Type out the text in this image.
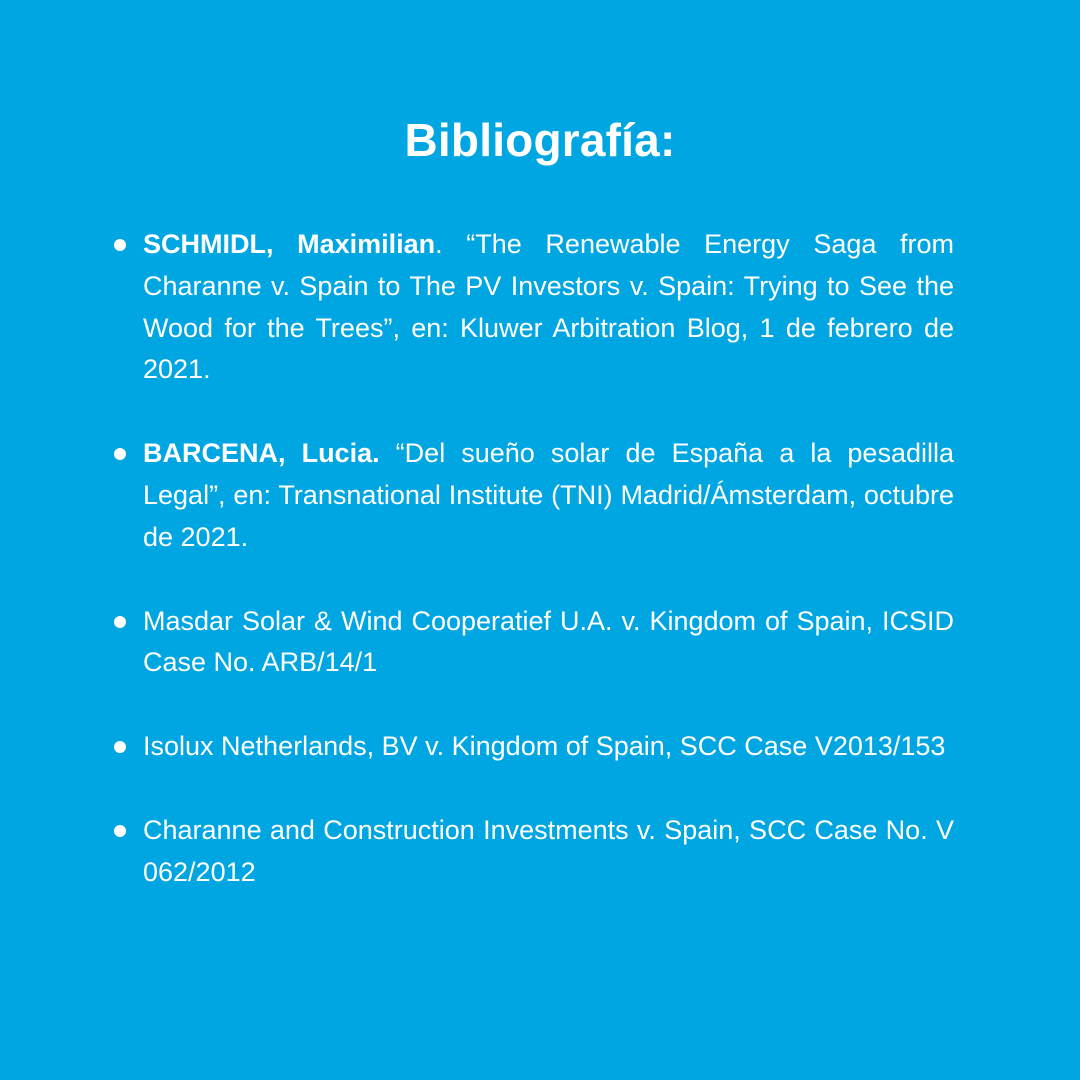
Bibliografía:
SCHMIDL, Maximilian. “The Renewable Energy Saga from Charanne v. Spain to The PV Investors v. Spain: Trying to See the Wood for the Trees”, en: Kluwer Arbitration Blog, 1 de febrero de 2021.
BARCENA, Lucia. “Del sueño solar de España a la pesadilla Legal”, en: Transnational Institute (TNI) Madrid/Ámsterdam, octubre de 2021.
Masdar Solar & Wind Cooperatief U.A. v. Kingdom of Spain, ICSID Case No. ARB/14/1
Isolux Netherlands, BV v. Kingdom of Spain, SCC Case V2013/153
Charanne and Construction Investments v. Spain, SCC Case No. V 062/2012
